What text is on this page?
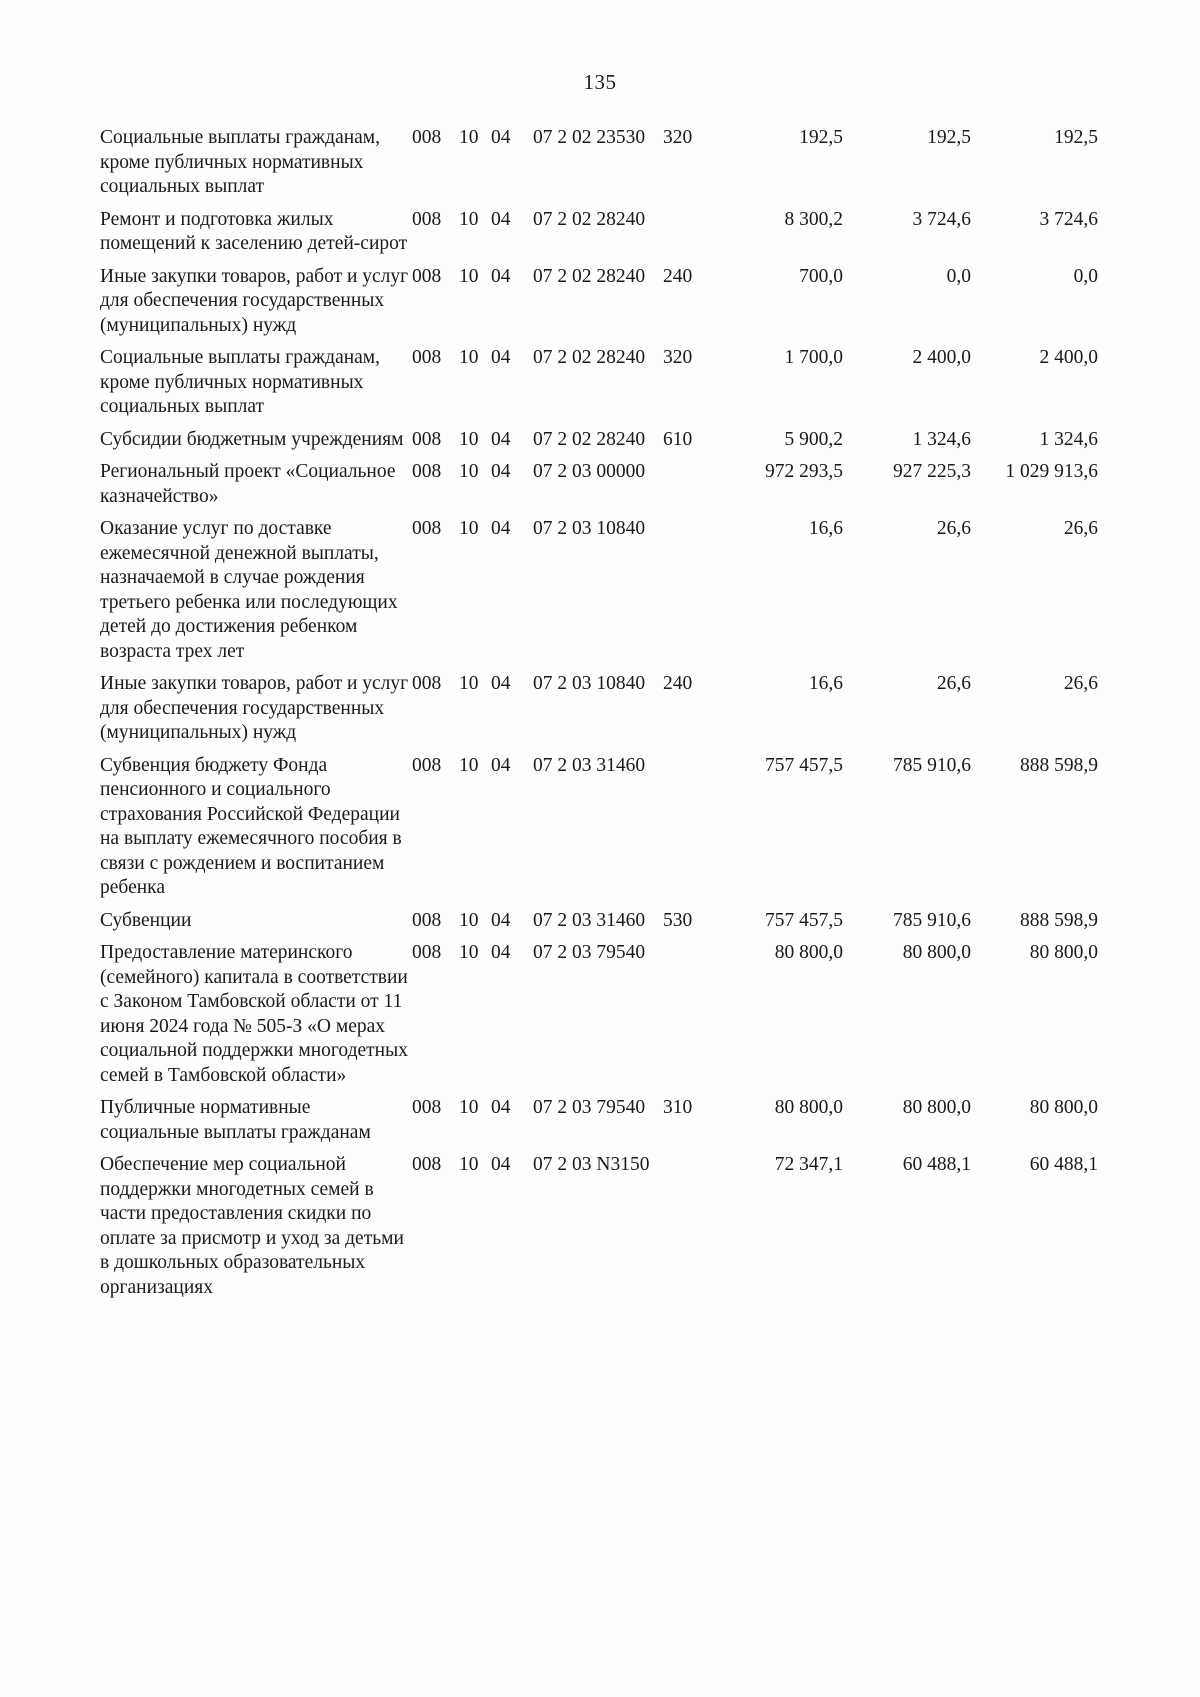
135
Социальные выплаты гражданам, кроме публичных нормативных социальных выплат	008	10	04	07 2 02 23530	320	192,5	192,5	192,5
Ремонт и подготовка жилых помещений к заселению детей-сирот	008	10	04	07 2 02 28240		8 300,2	3 724,6	3 724,6
Иные закупки товаров, работ и услуг для обеспечения государственных (муниципальных) нужд	008	10	04	07 2 02 28240	240	700,0	0,0	0,0
Социальные выплаты гражданам, кроме публичных нормативных социальных выплат	008	10	04	07 2 02 28240	320	1 700,0	2 400,0	2 400,0
Субсидии бюджетным учреждениям	008	10	04	07 2 02 28240	610	5 900,2	1 324,6	1 324,6
Региональный проект «Социальное казначейство»	008	10	04	07 2 03 00000		972 293,5	927 225,3	1 029 913,6
Оказание услуг по доставке ежемесячной денежной выплаты, назначаемой в случае рождения третьего ребенка или последующих детей до достижения ребенком возраста трех лет	008	10	04	07 2 03 10840		16,6	26,6	26,6
Иные закупки товаров, работ и услуг для обеспечения государственных (муниципальных) нужд	008	10	04	07 2 03 10840	240	16,6	26,6	26,6
Субвенция бюджету Фонда пенсионного и социального страхования Российской Федерации на выплату ежемесячного пособия в связи с рождением и воспитанием ребенка	008	10	04	07 2 03 31460		757 457,5	785 910,6	888 598,9
Субвенции	008	10	04	07 2 03 31460	530	757 457,5	785 910,6	888 598,9
Предоставление материнского (семейного) капитала в соответствии с Законом Тамбовской области от 11 июня 2024 года № 505-З «О мерах социальной поддержки многодетных семей в Тамбовской области»	008	10	04	07 2 03 79540		80 800,0	80 800,0	80 800,0
Публичные нормативные социальные выплаты гражданам	008	10	04	07 2 03 79540	310	80 800,0	80 800,0	80 800,0
Обеспечение мер социальной поддержки многодетных семей в части предоставления скидки по оплате за присмотр и уход за детьми в дошкольных образовательных организациях	008	10	04	07 2 03 N3150		72 347,1	60 488,1	60 488,1
